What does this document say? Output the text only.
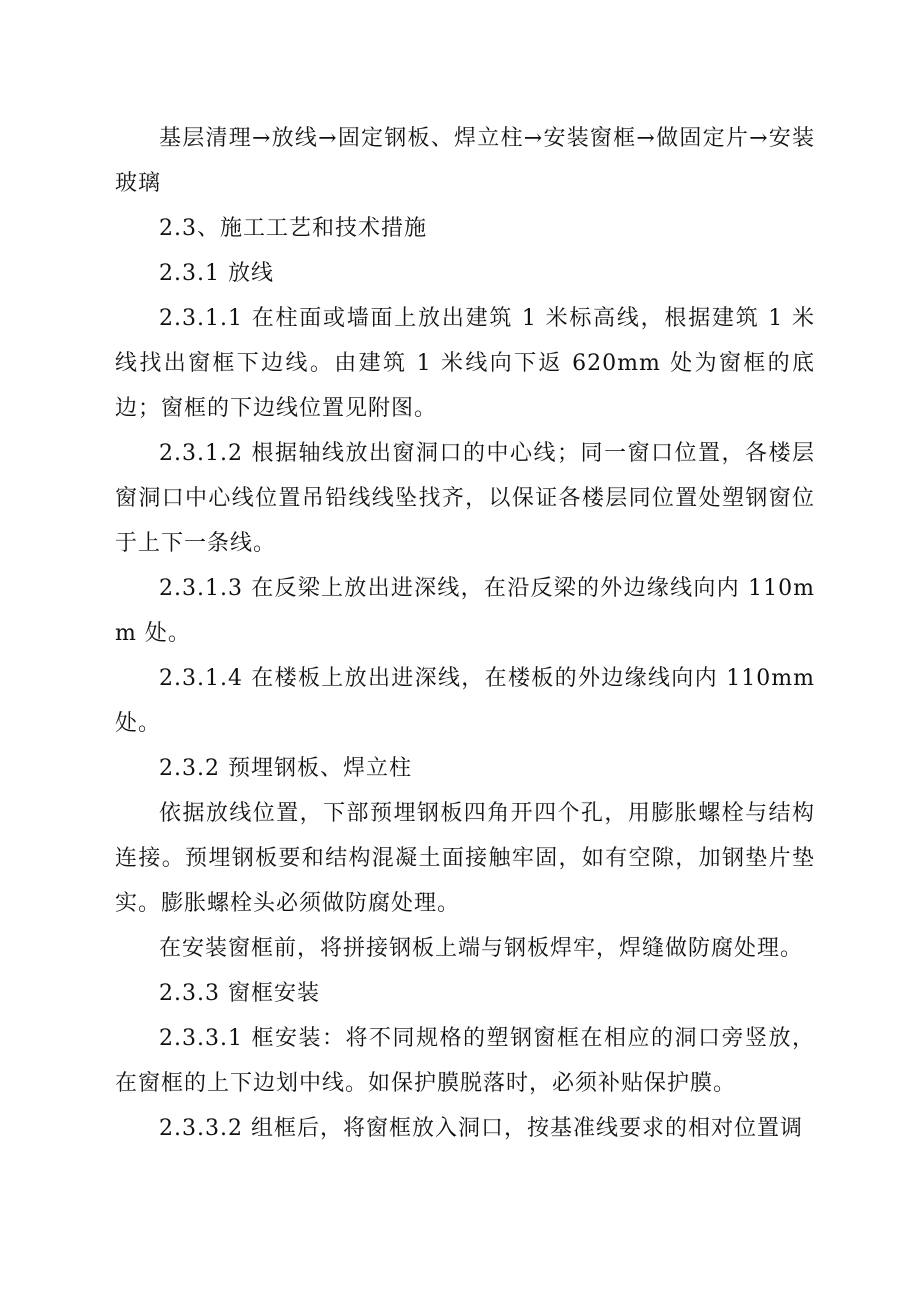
基层清理→放线→固定钢板、焊立柱→安装窗框→做固定片→安装玻璃

2.3、施工工艺和技术措施

2.3.1 放线

2.3.1.1 在柱面或墙面上放出建筑 1 米标高线，根据建筑 1 米线找出窗框下边线。由建筑 1 米线向下返 620mm 处为窗框的底边；窗框的下边线位置见附图。

2.3.1.2 根据轴线放出窗洞口的中心线；同一窗口位置，各楼层窗洞口中心线位置吊铅线线坠找齐，以保证各楼层同位置处塑钢窗位于上下一条线。

2.3.1.3 在反梁上放出进深线，在沿反梁的外边缘线向内 110mm 处。

2.3.1.4 在楼板上放出进深线，在楼板的外边缘线向内 110mm 处。

2.3.2 预埋钢板、焊立柱

依据放线位置，下部预埋钢板四角开四个孔，用膨胀螺栓与结构连接。预埋钢板要和结构混凝土面接触牢固，如有空隙，加钢垫片垫实。膨胀螺栓头必须做防腐处理。

在安装窗框前，将拼接钢板上端与钢板焊牢，焊缝做防腐处理。

2.3.3 窗框安装

2.3.3.1 框安装：将不同规格的塑钢窗框在相应的洞口旁竖放，在窗框的上下边划中线。如保护膜脱落时，必须补贴保护膜。

2.3.3.2 组框后，将窗框放入洞口，按基准线要求的相对位置调
